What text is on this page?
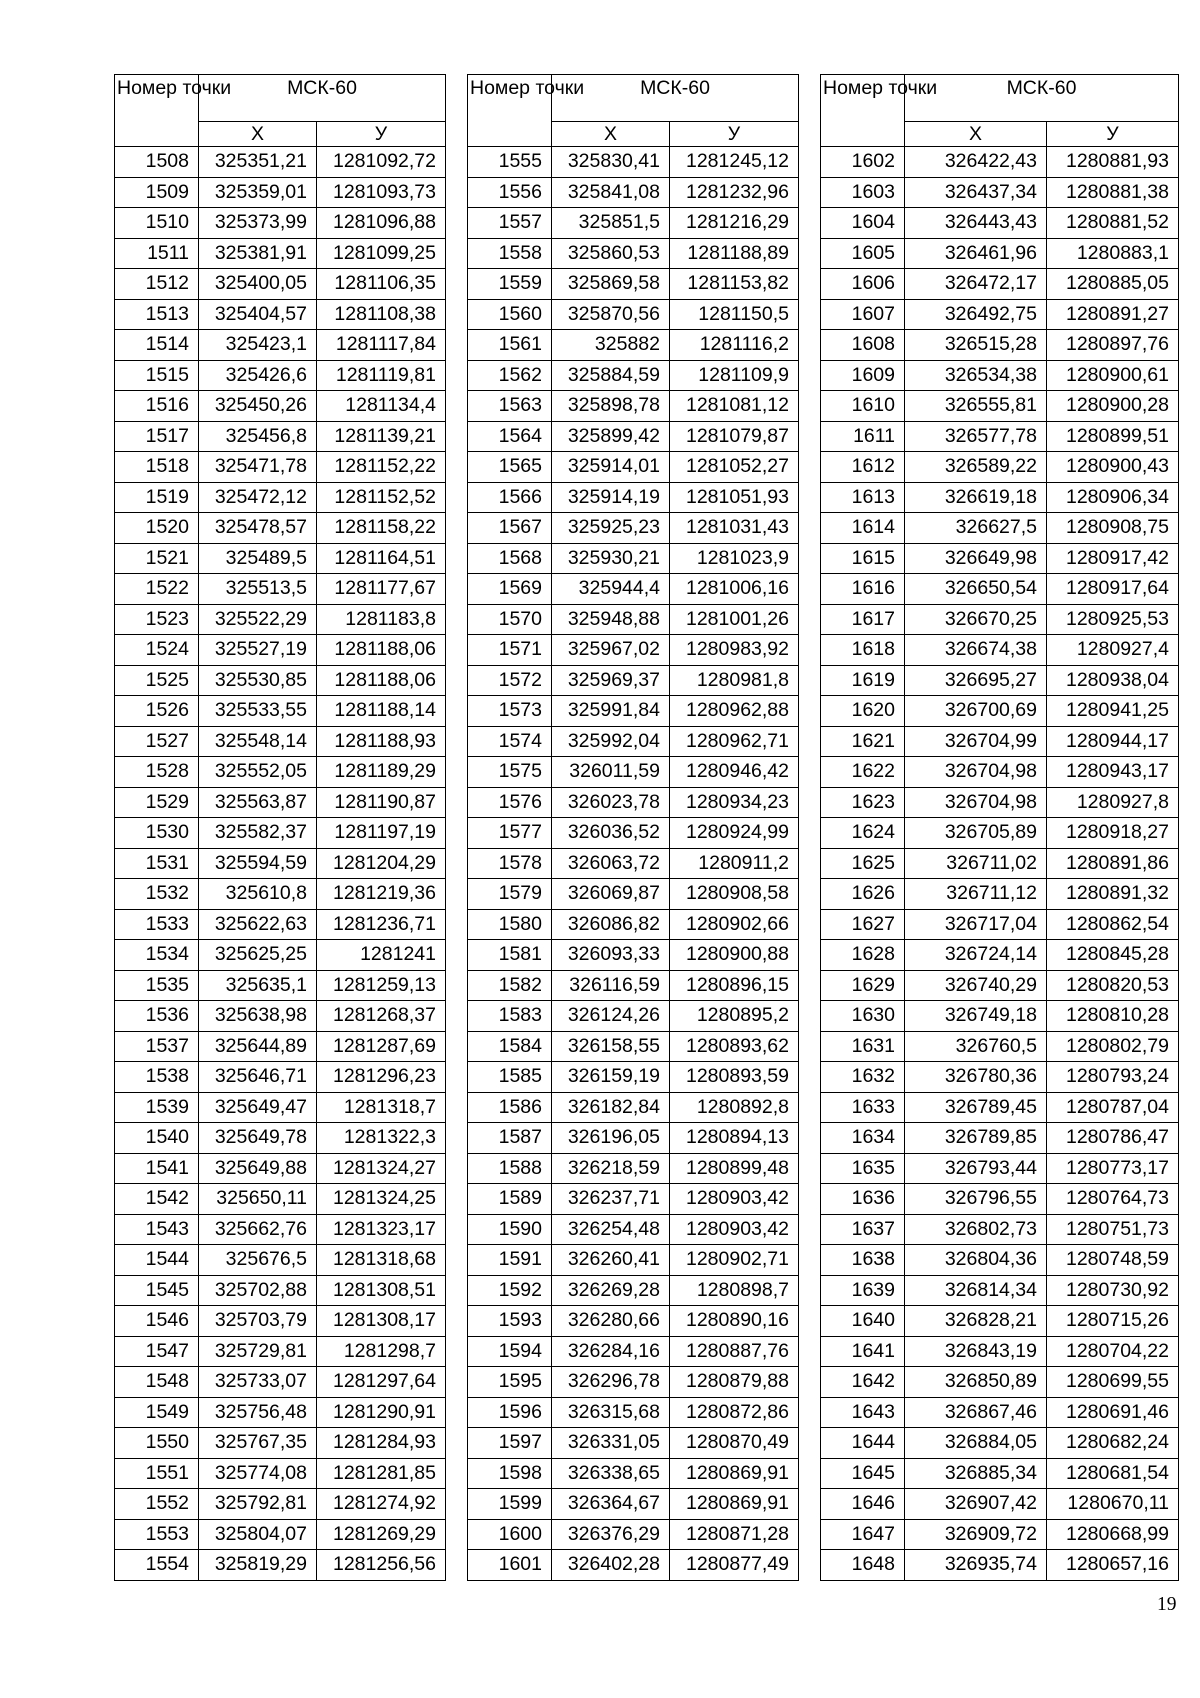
Номер точки	МСК-60	
	X	У
1508	325351,21	1281092,72
1509	325359,01	1281093,73
1510	325373,99	1281096,88
1511	325381,91	1281099,25
1512	325400,05	1281106,35
1513	325404,57	1281108,38
1514	325423,1	1281117,84
1515	325426,6	1281119,81
1516	325450,26	1281134,4
1517	325456,8	1281139,21
1518	325471,78	1281152,22
1519	325472,12	1281152,52
1520	325478,57	1281158,22
1521	325489,5	1281164,51
1522	325513,5	1281177,67
1523	325522,29	1281183,8
1524	325527,19	1281188,06
1525	325530,85	1281188,06
1526	325533,55	1281188,14
1527	325548,14	1281188,93
1528	325552,05	1281189,29
1529	325563,87	1281190,87
1530	325582,37	1281197,19
1531	325594,59	1281204,29
1532	325610,8	1281219,36
1533	325622,63	1281236,71
1534	325625,25	1281241
1535	325635,1	1281259,13
1536	325638,98	1281268,37
1537	325644,89	1281287,69
1538	325646,71	1281296,23
1539	325649,47	1281318,7
1540	325649,78	1281322,3
1541	325649,88	1281324,27
1542	325650,11	1281324,25
1543	325662,76	1281323,17
1544	325676,5	1281318,68
1545	325702,88	1281308,51
1546	325703,79	1281308,17
1547	325729,81	1281298,7
1548	325733,07	1281297,64
1549	325756,48	1281290,91
1550	325767,35	1281284,93
1551	325774,08	1281281,85
1552	325792,81	1281274,92
1553	325804,07	1281269,29
1554	325819,29	1281256,56
Номер точки	МСК-60	
	X	У
1555	325830,41	1281245,12
1556	325841,08	1281232,96
1557	325851,5	1281216,29
1558	325860,53	1281188,89
1559	325869,58	1281153,82
1560	325870,56	1281150,5
1561	325882	1281116,2
1562	325884,59	1281109,9
1563	325898,78	1281081,12
1564	325899,42	1281079,87
1565	325914,01	1281052,27
1566	325914,19	1281051,93
1567	325925,23	1281031,43
1568	325930,21	1281023,9
1569	325944,4	1281006,16
1570	325948,88	1281001,26
1571	325967,02	1280983,92
1572	325969,37	1280981,8
1573	325991,84	1280962,88
1574	325992,04	1280962,71
1575	326011,59	1280946,42
1576	326023,78	1280934,23
1577	326036,52	1280924,99
1578	326063,72	1280911,2
1579	326069,87	1280908,58
1580	326086,82	1280902,66
1581	326093,33	1280900,88
1582	326116,59	1280896,15
1583	326124,26	1280895,2
1584	326158,55	1280893,62
1585	326159,19	1280893,59
1586	326182,84	1280892,8
1587	326196,05	1280894,13
1588	326218,59	1280899,48
1589	326237,71	1280903,42
1590	326254,48	1280903,42
1591	326260,41	1280902,71
1592	326269,28	1280898,7
1593	326280,66	1280890,16
1594	326284,16	1280887,76
1595	326296,78	1280879,88
1596	326315,68	1280872,86
1597	326331,05	1280870,49
1598	326338,65	1280869,91
1599	326364,67	1280869,91
1600	326376,29	1280871,28
1601	326402,28	1280877,49
Номер точки	МСК-60	
	X	У
1602	326422,43	1280881,93
1603	326437,34	1280881,38
1604	326443,43	1280881,52
1605	326461,96	1280883,1
1606	326472,17	1280885,05
1607	326492,75	1280891,27
1608	326515,28	1280897,76
1609	326534,38	1280900,61
1610	326555,81	1280900,28
1611	326577,78	1280899,51
1612	326589,22	1280900,43
1613	326619,18	1280906,34
1614	326627,5	1280908,75
1615	326649,98	1280917,42
1616	326650,54	1280917,64
1617	326670,25	1280925,53
1618	326674,38	1280927,4
1619	326695,27	1280938,04
1620	326700,69	1280941,25
1621	326704,99	1280944,17
1622	326704,98	1280943,17
1623	326704,98	1280927,8
1624	326705,89	1280918,27
1625	326711,02	1280891,86
1626	326711,12	1280891,32
1627	326717,04	1280862,54
1628	326724,14	1280845,28
1629	326740,29	1280820,53
1630	326749,18	1280810,28
1631	326760,5	1280802,79
1632	326780,36	1280793,24
1633	326789,45	1280787,04
1634	326789,85	1280786,47
1635	326793,44	1280773,17
1636	326796,55	1280764,73
1637	326802,73	1280751,73
1638	326804,36	1280748,59
1639	326814,34	1280730,92
1640	326828,21	1280715,26
1641	326843,19	1280704,22
1642	326850,89	1280699,55
1643	326867,46	1280691,46
1644	326884,05	1280682,24
1645	326885,34	1280681,54
1646	326907,42	1280670,11
1647	326909,72	1280668,99
1648	326935,74	1280657,16
19
